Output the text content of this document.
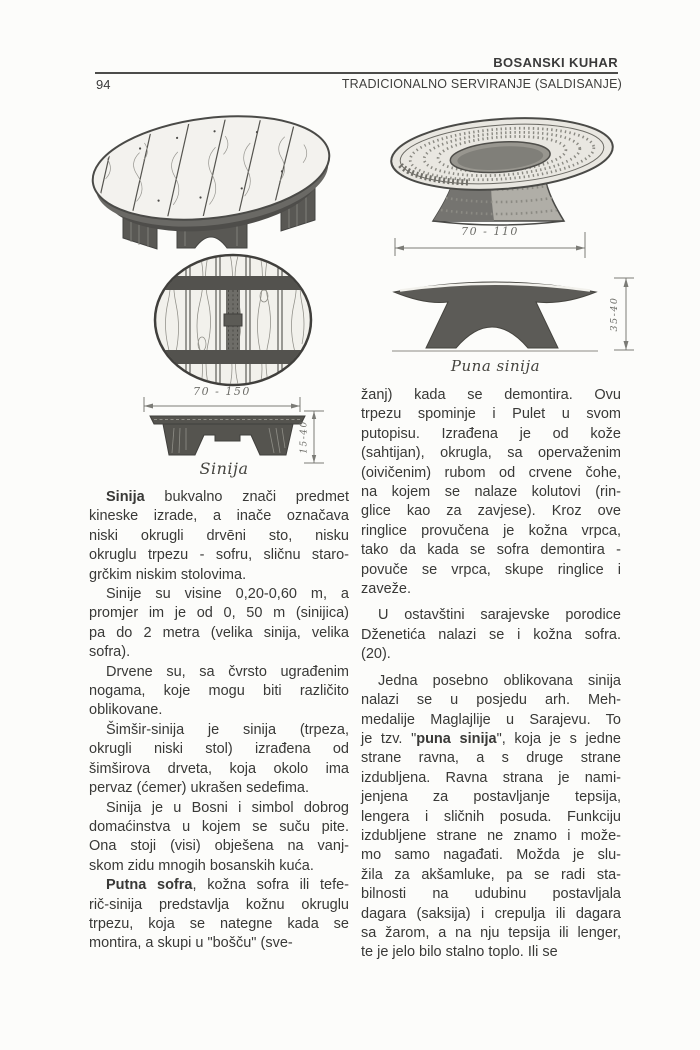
BOSANSKI KUHAR
94	TRADICIONALNO SERVIRANJE (SALDISANJE)
70 - 110
35-40
Puna sinija
70 - 150
15-40
Sinija
Sinija bukvalno znači predmet
kineske izrade, a inače označava
niski okrugli drvēni sto, nisku
okruglu trpezu - sofru, sličnu staro-
grčkim niskim stolovima.
Sinije su visine 0,20-0,60 m, a
promjer im je od 0, 50 m (sinijica)
pa do 2 metra (velika sinija, velika
sofra).
Drvene su, sa čvrsto ugrađenim
nogama, koje mogu biti različito
oblikovane.
Šimšir-sinija je sinija (trpeza,
okrugli niski stol) izrađena od
šimširova drveta, koja okolo ima
pervaz (ćemer) ukrašen sedefima.
Sinija je u Bosni i simbol dobrog
domaćinstva u kojem se suču pite.
Ona stoji (visi) obješena na vanj-
skom zidu mnogih bosanskih kuća.
Putna sofra, kožna sofra ili tefe-
rič-sinija predstavlja kožnu okruglu
trpezu, koja se nategne kada se
montira, a skupi u "bošču" (sve-
žanj) kada se demontira. Ovu
trpezu spominje i Pulet u svom
putopisu. Izrađena je od kože
(sahtijan), okrugla, sa opervaženim
(oivičenim) rubom od crvene čohe,
na kojem se nalaze kolutovi (rin-
glice kao za zavjese). Kroz ove
ringlice provučena je kožna vrpca,
tako da kada se sofra demontira -
povuče se vrpca, skupe ringlice i
zaveže.
U ostavštini sarajevske porodice
Dženetića nalazi se i kožna sofra.
(20).
Jedna posebno oblikovana sinija
nalazi se u posjedu arh. Meh-
medalije Maglajlije u Sarajevu. To
je tzv. "puna sinija", koja je s jedne
strane ravna, a s druge strane
izdubljena. Ravna strana je nami-
jenjena za postavljanje tepsija,
lengera i sličnih posuda. Funkciju
izdubljene strane ne znamo i može-
mo samo nagađati. Možda je slu-
žila za akšamluke, pa se radi sta-
bilnosti na udubinu postavljala
dagara (saksija) i crepulja ili dagara
sa žarom, a na nju tepsija ili lenger,
te je jelo bilo stalno toplo. Ili se
